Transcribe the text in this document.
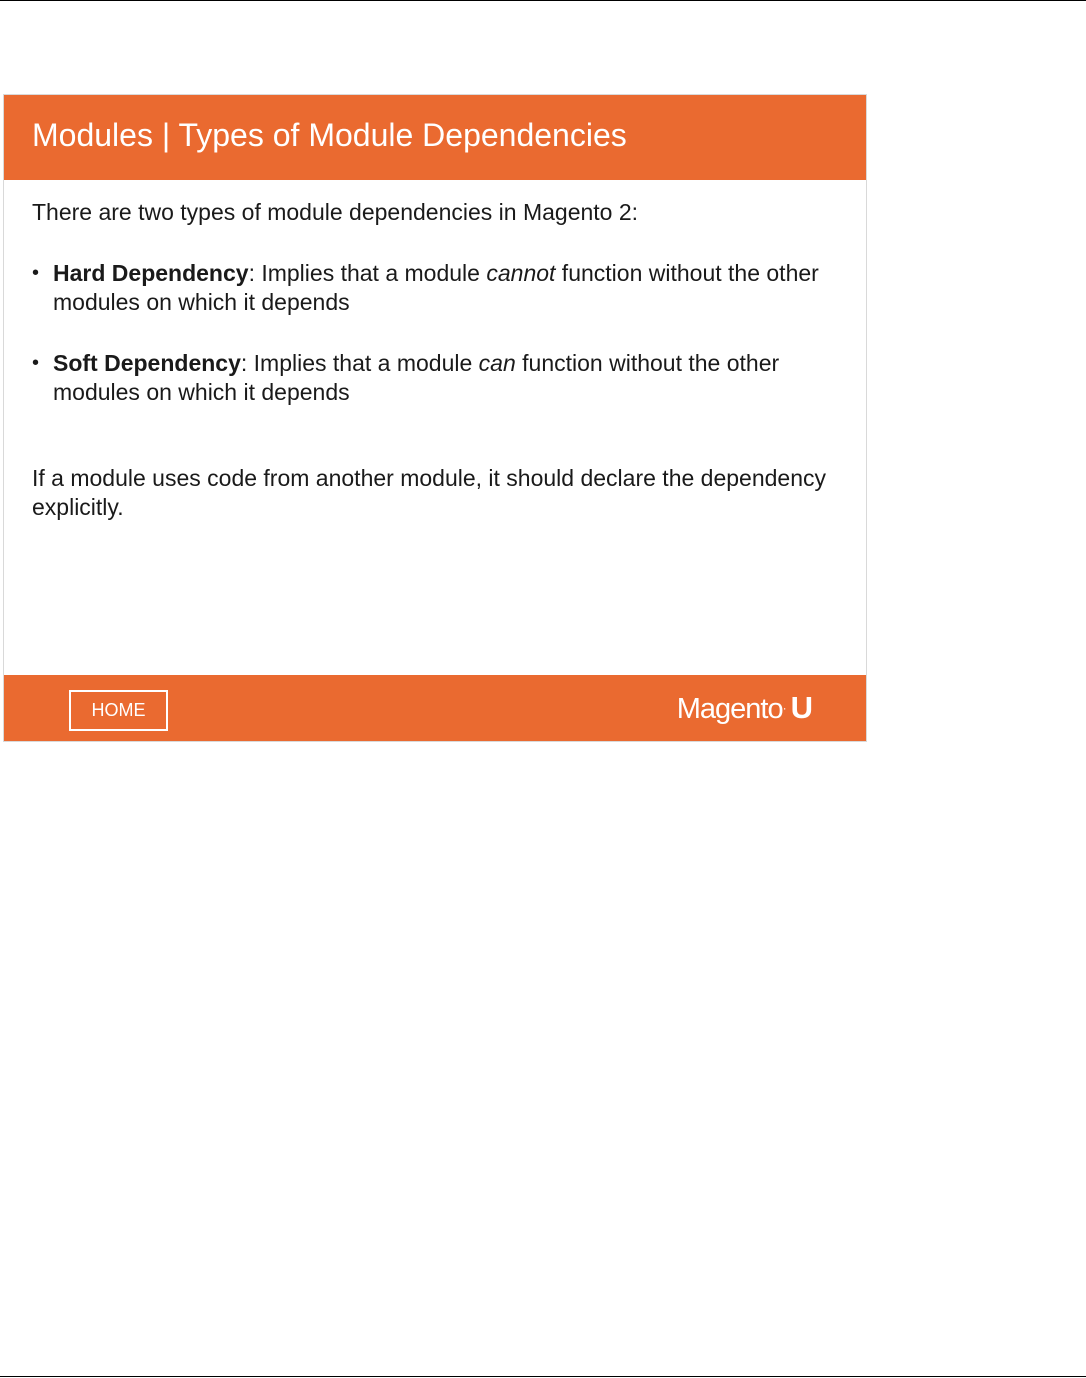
Modules | Types of Module Dependencies

There are two types of module dependencies in Magento 2:

• Hard Dependency: Implies that a module cannot function without the other modules on which it depends
• Soft Dependency: Implies that a module can function without the other modules on which it depends

If a module uses code from another module, it should declare the dependency explicitly.

HOME	Magento· U
